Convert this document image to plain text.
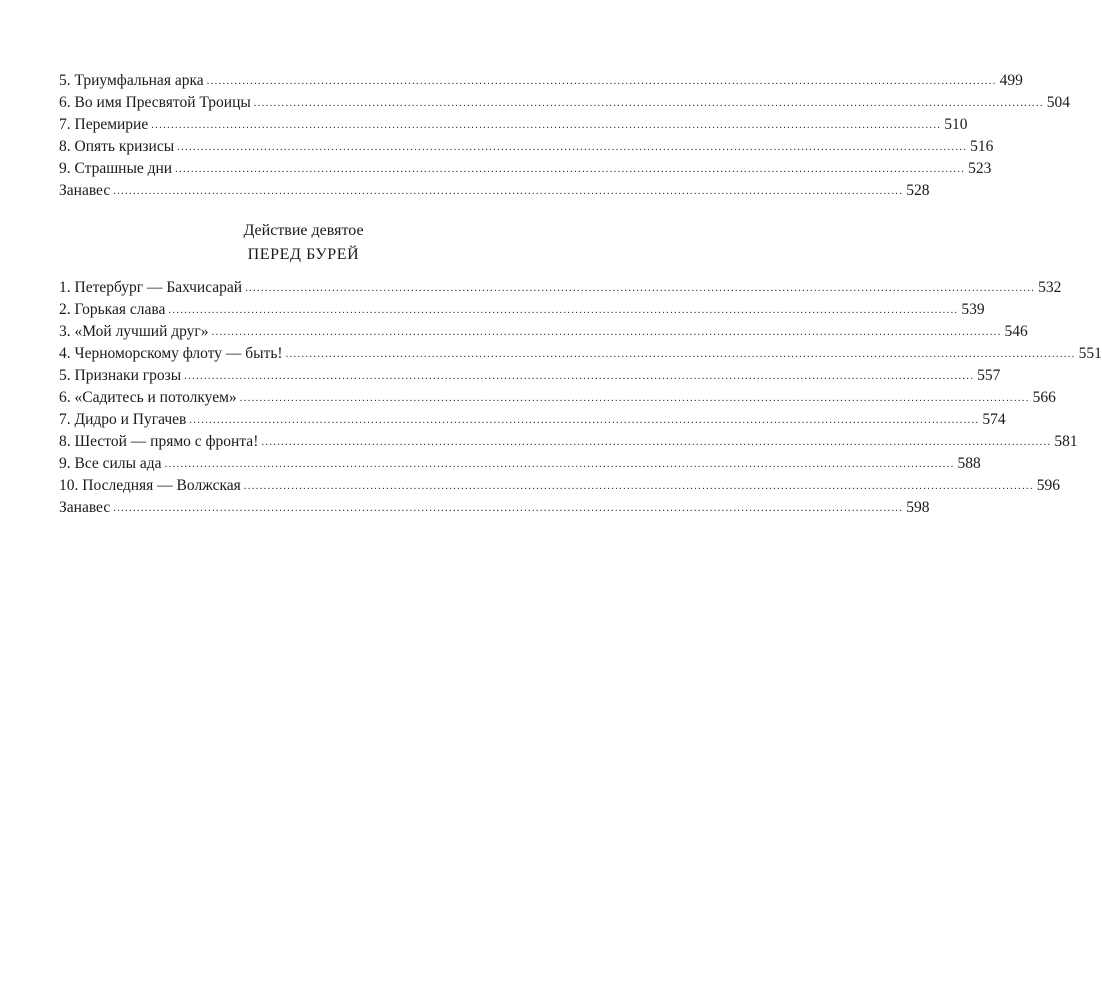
5. Триумфальная арка ........................................................................................................................................................................................................ 499
6. Во имя Пресвятой Троицы ........................................................................................................................................................................................................ 504
7. Перемирие ........................................................................................................................................................................................................ 510
8. Опять кризисы ........................................................................................................................................................................................................ 516
9. Страшные дни ........................................................................................................................................................................................................ 523
Занавес ........................................................................................................................................................................................................ 528

Действие девятое

ПЕРЕД БУРЕЙ

1. Петербург — Бахчисарай ........................................................................................................................................................................................................ 532
2. Горькая слава ........................................................................................................................................................................................................ 539
3. «Мой лучший друг» ........................................................................................................................................................................................................ 546
4. Черноморскому флоту — быть! ........................................................................................................................................................................................................ 551
5. Признаки грозы ........................................................................................................................................................................................................ 557
6. «Садитесь и потолкуем» ........................................................................................................................................................................................................ 566
7. Дидро и Пугачев ........................................................................................................................................................................................................ 574
8. Шестой — прямо с фронта! ........................................................................................................................................................................................................ 581
9. Все силы ада ........................................................................................................................................................................................................ 588
10. Последняя — Волжская ........................................................................................................................................................................................................ 596
Занавес ........................................................................................................................................................................................................ 598
